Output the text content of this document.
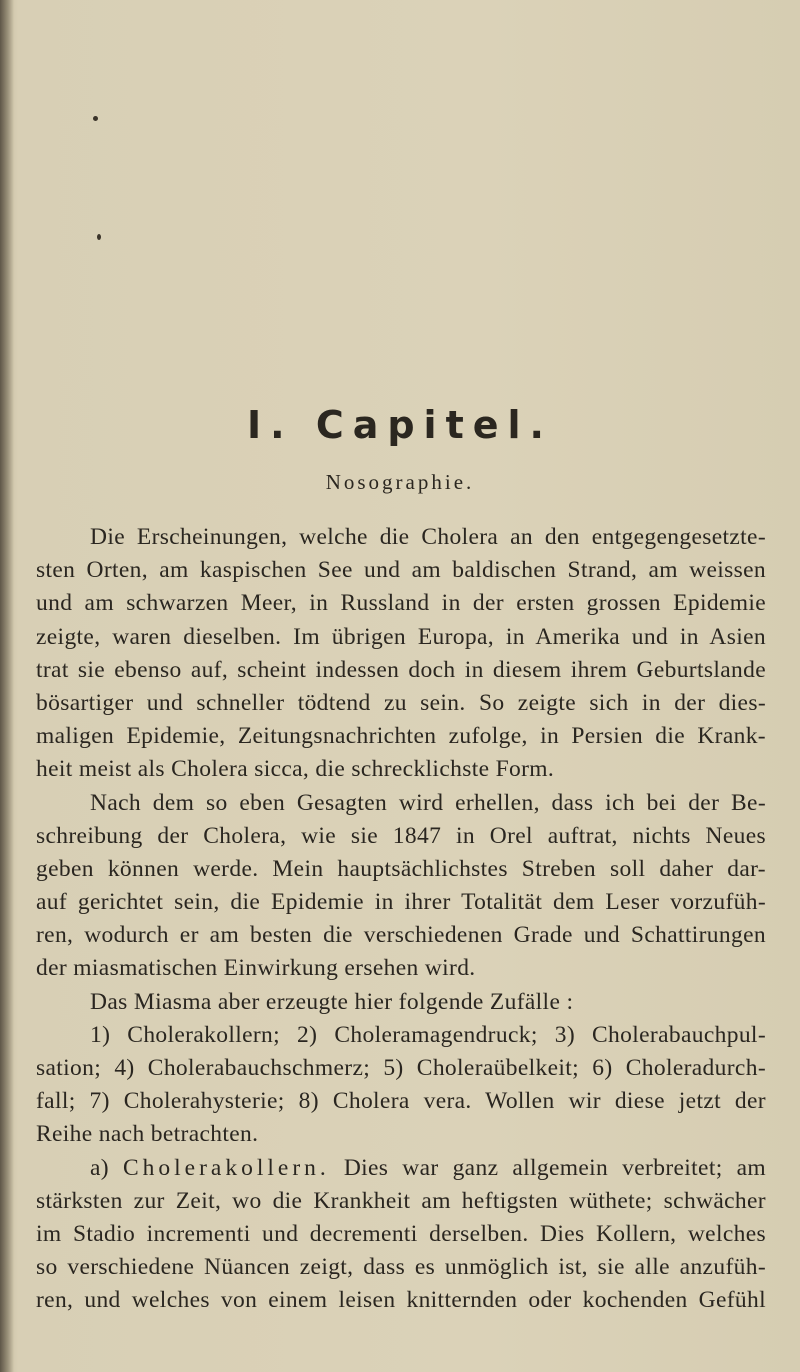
I. Capitel.
Nosographie.
Die Erscheinungen, welche die Cholera an den entgegengesetzte-
sten Orten, am kaspischen See und am baldischen Strand, am weissen
und am schwarzen Meer, in Russland in der ersten grossen Epidemie
zeigte, waren dieselben. Im übrigen Europa, in Amerika und in Asien
trat sie ebenso auf, scheint indessen doch in diesem ihrem Geburtslande
bösartiger und schneller tödtend zu sein. So zeigte sich in der dies-
maligen Epidemie, Zeitungsnachrichten zufolge, in Persien die Krank-
heit meist als Cholera sicca, die schrecklichste Form.
Nach dem so eben Gesagten wird erhellen, dass ich bei der Be-
schreibung der Cholera, wie sie 1847 in Orel auftrat, nichts Neues
geben können werde. Mein hauptsächlichstes Streben soll daher dar-
auf gerichtet sein, die Epidemie in ihrer Totalität dem Leser vorzufüh-
ren, wodurch er am besten die verschiedenen Grade und Schattirungen
der miasmatischen Einwirkung ersehen wird.
Das Miasma aber erzeugte hier folgende Zufälle :
1) Cholerakollern; 2) Choleramagendruck; 3) Cholerabauchpul-
sation; 4) Cholerabauchschmerz; 5) Choleraübelkeit; 6) Choleradurch-
fall; 7) Cholerahysterie; 8) Cholera vera. Wollen wir diese jetzt der
Reihe nach betrachten.
a) Cholerakollern. Dies war ganz allgemein verbreitet; am
stärksten zur Zeit, wo die Krankheit am heftigsten wüthete; schwächer
im Stadio incrementi und decrementi derselben. Dies Kollern, welches
so verschiedene Nüancen zeigt, dass es unmöglich ist, sie alle anzufüh-
ren, und welches von einem leisen knitternden oder kochenden Gefühl
